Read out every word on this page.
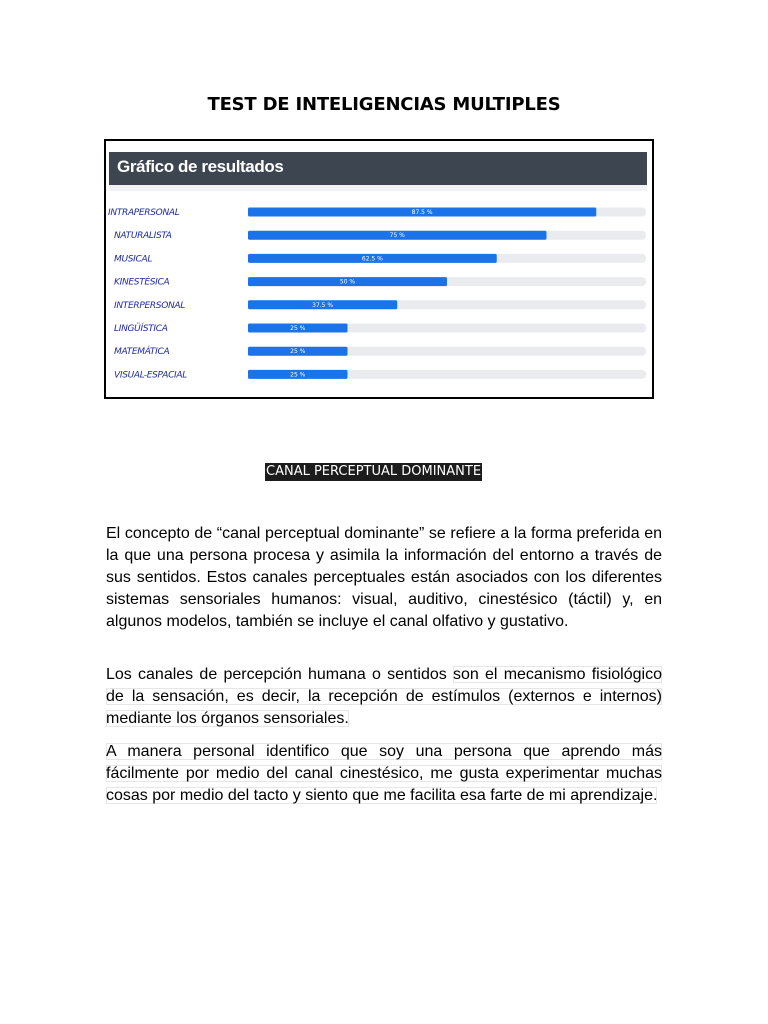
TEST DE INTELIGENCIAS MULTIPLES
Gráfico de resultados
INTRAPERSONAL	87.5 %
NATURALISTA	75 %
MUSICAL	62.5 %
KINESTÉSICA	50 %
INTERPERSONAL	37.5 %
LINGÜÍSTICA	25 %
MATEMÁTICA	25 %
VISUAL-ESPACIAL	25 %
CANAL PERCEPTUAL DOMINANTE

El concepto de “canal perceptual dominante” se refiere a la forma preferida en la que una persona procesa y asimila la información del entorno a través de sus sentidos. Estos canales perceptuales están asociados con los diferentes sistemas sensoriales humanos: visual, auditivo, cinestésico (táctil) y, en algunos modelos, también se incluye el canal olfativo y gustativo.

Los canales de percepción humana o sentidos son el mecanismo fisiológico de la sensación, es decir, la recepción de estímulos (externos e internos) mediante los órganos sensoriales.

A manera personal identifico que soy una persona que aprendo más fácilmente por medio del canal cinestésico, me gusta experimentar muchas cosas por medio del tacto y siento que me facilita esa farte de mi aprendizaje.
